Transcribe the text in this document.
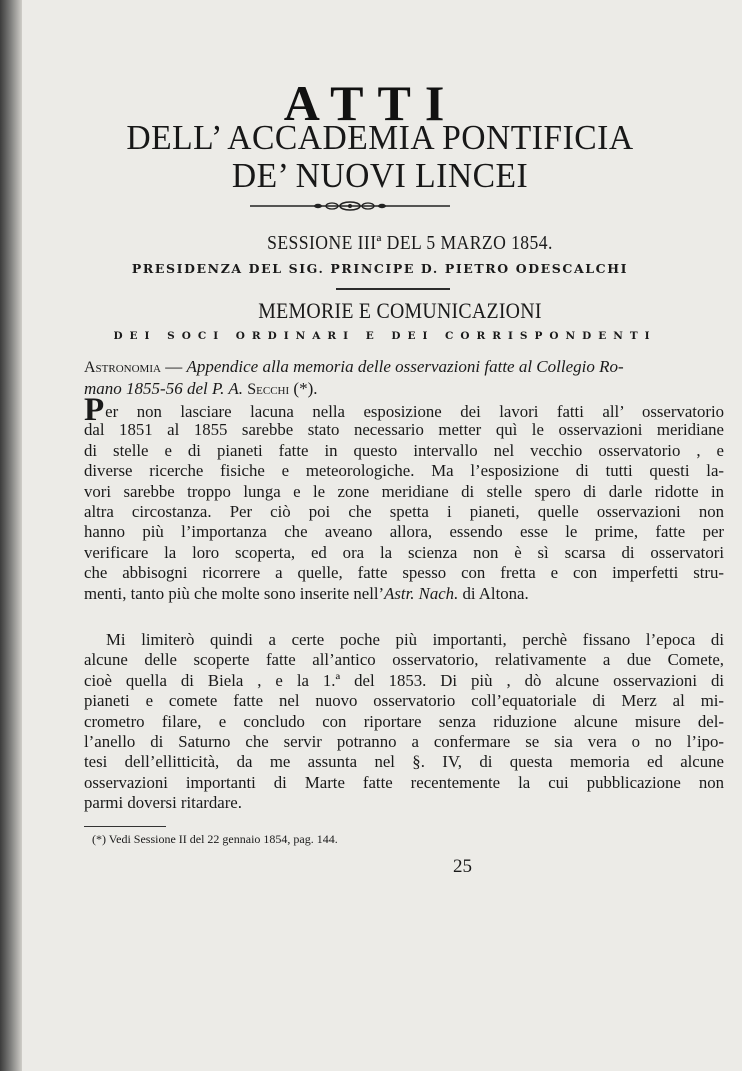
ATTI
DELL’ ACCADEMIA PONTIFICIA
DE’ NUOVI LINCEI
SESSIONE IIIª DEL 5 MARZO 1854.
PRESIDENZA DEL SIG. PRINCIPE D. PIETRO ODESCALCHI
MEMORIE E COMUNICAZIONI
DEI SOCI ORDINARI E DEI CORRISPONDENTI
Astronomia — Appendice alla memoria delle osservazioni fatte al Collegio Ro-
mano 1855-56 del P. A. Secchi (*).
Per non lasciare lacuna nella esposizione dei lavori fatti all’ osservatorio
dal 1851 al 1855 sarebbe stato necessario metter quì le osservazioni meridiane
di stelle e di pianeti fatte in questo intervallo nel vecchio osservatorio , e
diverse ricerche fisiche e meteorologiche. Ma l’esposizione di tutti questi la-
vori sarebbe troppo lunga e le zone meridiane di stelle spero di darle ridotte in
altra circostanza. Per ciò poi che spetta i pianeti, quelle osservazioni non
hanno più l’importanza che aveano allora, essendo esse le prime, fatte per
verificare la loro scoperta, ed ora la scienza non è sì scarsa di osservatori
che abbisogni ricorrere a quelle, fatte spesso con fretta e con imperfetti stru-
menti, tanto più che molte sono inserite nell’Astr. Nach. di Altona.
Mi limiterò quindi a certe poche più importanti, perchè fissano l’epoca di
alcune delle scoperte fatte all’antico osservatorio, relativamente a due Comete,
cioè quella di Biela , e la 1.ª del 1853. Di più , dò alcune osservazioni di
pianeti e comete fatte nel nuovo osservatorio coll’equatoriale di Merz al mi-
crometro filare, e concludo con riportare senza riduzione alcune misure del-
l’anello di Saturno che servir potranno a confermare se sia vera o no l’ipo-
tesi dell’ellitticità, da me assunta nel §. IV, di questa memoria ed alcune
osservazioni importanti di Marte fatte recentemente la cui pubblicazione non
parmi doversi ritardare.
(*) Vedi Sessione II del 22 gennaio 1854, pag. 144.
25
